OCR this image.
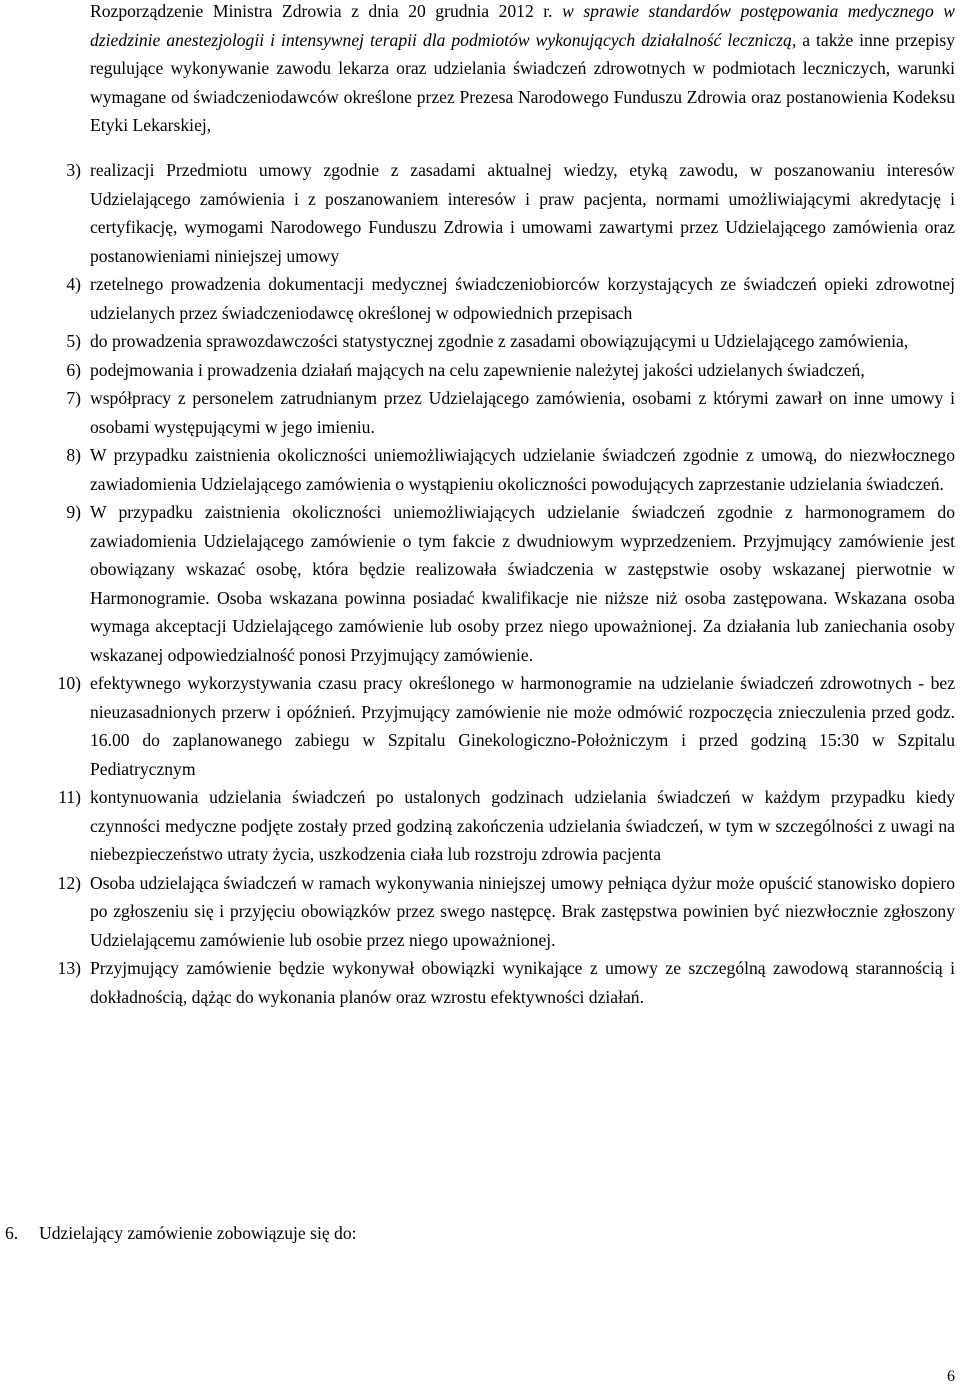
Rozporządzenie Ministra Zdrowia z dnia 20 grudnia 2012 r. w sprawie standardów postępowania medycznego w dziedzinie anestezjologii i intensywnej terapii dla podmiotów wykonujących działalność leczniczą, a także inne przepisy regulujące wykonywanie zawodu lekarza oraz udzielania świadczeń zdrowotnych w podmiotach leczniczych, warunki wymagane od świadczeniodawców określone przez Prezesa Narodowego Funduszu Zdrowia oraz postanowienia Kodeksu Etyki Lekarskiej,

3) realizacji Przedmiotu umowy zgodnie z zasadami aktualnej wiedzy, etyką zawodu, w poszanowaniu interesów Udzielającego zamówienia i z poszanowaniem interesów i praw pacjenta, normami umożliwiającymi akredytację i certyfikację, wymogami Narodowego Funduszu Zdrowia i umowami zawartymi przez Udzielającego zamówienia oraz postanowieniami niniejszej umowy
4) rzetelnego prowadzenia dokumentacji medycznej świadczeniobiorców korzystających ze świadczeń opieki zdrowotnej udzielanych przez świadczeniodawcę określonej w odpowiednich przepisach
5) do prowadzenia sprawozdawczości statystycznej zgodnie z zasadami obowiązującymi u Udzielającego zamówienia,
6) podejmowania i prowadzenia działań mających na celu zapewnienie należytej jakości udzielanych świadczeń,
7) współpracy z personelem zatrudnianym przez Udzielającego zamówienia, osobami z którymi zawarł on inne umowy i osobami występującymi w jego imieniu.
8) W przypadku zaistnienia okoliczności uniemożliwiających udzielanie świadczeń zgodnie z umową, do niezwłocznego zawiadomienia Udzielającego zamówienia o wystąpieniu okoliczności powodujących zaprzestanie udzielania świadczeń.
9) W przypadku zaistnienia okoliczności uniemożliwiających udzielanie świadczeń zgodnie z harmonogramem do zawiadomienia Udzielającego zamówienie o tym fakcie z dwudniowym wyprzedzeniem. Przyjmujący zamówienie jest obowiązany wskazać osobę, która będzie realizowała świadczenia w zastępstwie osoby wskazanej pierwotnie w Harmonogramie. Osoba wskazana powinna posiadać kwalifikacje nie niższe niż osoba zastępowana. Wskazana osoba wymaga akceptacji Udzielającego zamówienie lub osoby przez niego upoważnionej. Za działania lub zaniechania osoby wskazanej odpowiedzialność ponosi Przyjmujący zamówienie.
10) efektywnego wykorzystywania czasu pracy określonego w harmonogramie na udzielanie świadczeń zdrowotnych - bez nieuzasadnionych przerw i opóźnień. Przyjmujący zamówienie nie może odmówić rozpoczęcia znieczulenia przed godz. 16.00 do zaplanowanego zabiegu w Szpitalu Ginekologiczno-Położniczym i przed godziną 15:30 w Szpitalu Pediatrycznym
11) kontynuowania udzielania świadczeń po ustalonych godzinach udzielania świadczeń w każdym przypadku kiedy czynności medyczne podjęte zostały przed godziną zakończenia udzielania świadczeń, w tym w szczególności z uwagi na niebezpieczeństwo utraty życia, uszkodzenia ciała lub rozstroju zdrowia pacjenta
12) Osoba udzielająca świadczeń w ramach wykonywania niniejszej umowy pełniąca dyżur może opuścić stanowisko dopiero po zgłoszeniu się i przyjęciu obowiązków przez swego następcę. Brak zastępstwa powinien być niezwłocznie zgłoszony Udzielającemu zamówienie lub osobie przez niego upoważnionej.
13) Przyjmujący zamówienie będzie wykonywał obowiązki wynikające z umowy ze szczególną zawodową starannością i dokładnością, dążąc do wykonania planów oraz wzrostu efektywności działań.
6. Udzielający zamówienie zobowiązuje się do:
6
